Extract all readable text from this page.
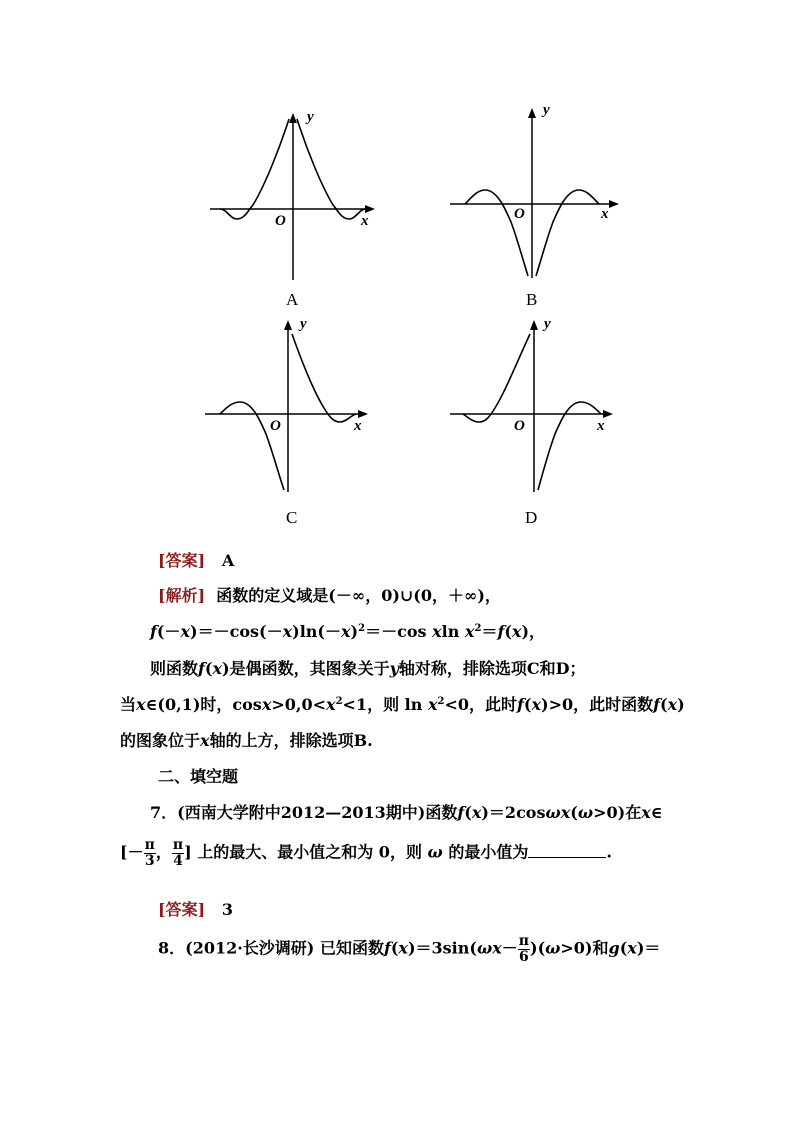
y
x
O
A
y
x
O
B
y
x
O
C
y
x
O
D
[答案] A
[解析] 函数的定义域是(－∞，0)∪(0，＋∞)，
$f(-x)=-\cos(-x)\ln(-x)^2=-\cos$ xln $x^2=f(x)$，
则函数f(x)是偶函数，其图象关于y轴对称，排除选项C和D；
当x∈(0,1)时，$\cos x>0,0<x^2<1$，则 $\ln x^2<0$，此时f(x)>0，此时函数f(x)
的图象位于x轴的上方，排除选项B.
二、填空题
7．(西南大学附中2012—2013期中)函数f(x)＝2cosωx(ω>0)在x∈
[－ $\frac{\pi}{3}$ ， $\frac{\pi}{4}$ ] 上的最大、最小值之和为 0，则 ω 的最小值为	.
[答案] 3
8．(2012·长沙调研) 已知函数$f(x)=3\sin(\omega x- \frac{\pi}{6} )(\omega>0)$和g(x)＝
